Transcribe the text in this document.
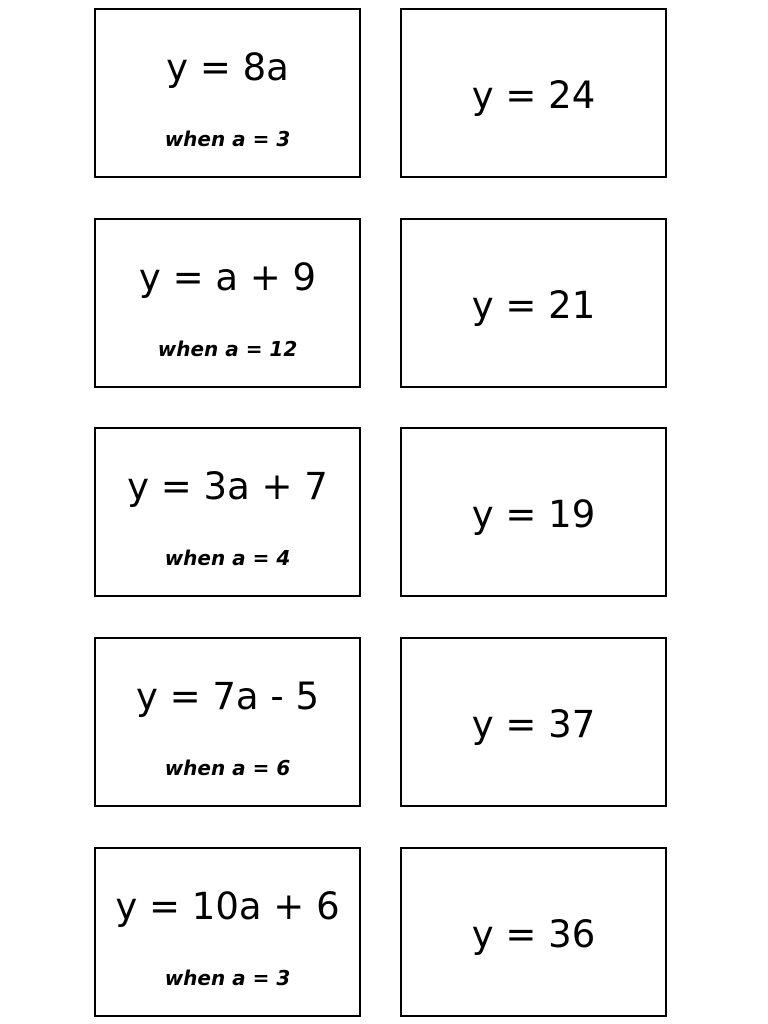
y = 8a
when a = 3
y = 24
y = a + 9
when a = 12
y = 21
y = 3a + 7
when a = 4
y = 19
y = 7a - 5
when a = 6
y = 37
y = 10a + 6
when a = 3
y = 36
